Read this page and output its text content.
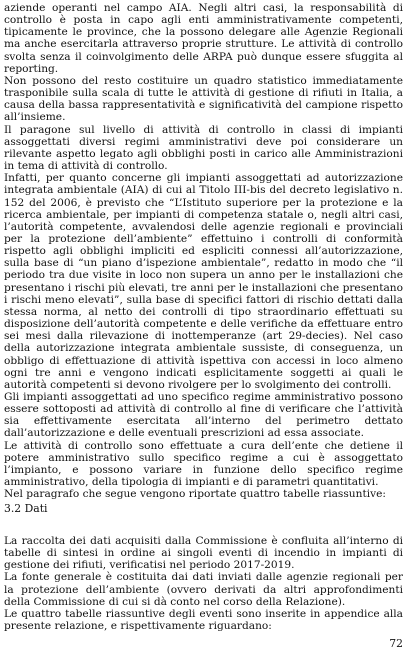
aziende operanti nel campo AIA. Negli altri casi, la responsabilità di controllo è posta in capo agli enti amministrativamente competenti, tipicamente le province, che la possono delegare alle Agenzie Regionali ma anche esercitarla attraverso proprie strutture. Le attività di controllo svolta senza il coinvolgimento delle ARPA può dunque essere sfuggita al reporting.

Non possono del resto costituire un quadro statistico immediatamente trasponibile sulla scala di tutte le attività di gestione di rifiuti in Italia, a causa della bassa rappresentatività e significatività del campione rispetto all’insieme.

Il paragone sul livello di attività di controllo in classi di impianti assoggettati diversi regimi amministrativi deve poi considerare un rilevante aspetto legato agli obblighi posti in carico alle Amministrazioni in tema di attività di controllo.

Infatti, per quanto concerne gli impianti assoggettati ad autorizzazione integrata ambientale (AIA) di cui al Titolo III-bis del decreto legislativo n. 152 del 2006, è previsto che “L’Istituto superiore per la protezione e la ricerca ambientale, per impianti di competenza statale o, negli altri casi, l’autorità competente, avvalendosi delle agenzie regionali e provinciali per la protezione dell’ambiente” effettuino i controlli di conformità rispetto agli obblighi impliciti ed espliciti connessi all’autorizzazione, sulla base di “un piano d’ispezione ambientale”, redatto in modo che “il periodo tra due visite in loco non supera un anno per le installazioni che presentano i rischi più elevati, tre anni per le installazioni che presentano i rischi meno elevati”, sulla base di specifici fattori di rischio dettati dalla stessa norma, al netto dei controlli di tipo straordinario effettuati su disposizione dell’autorità competente e delle verifiche da effettuare entro sei mesi dalla rilevazione di inottemperanze (art 29-decies). Nel caso della autorizzazione integrata ambientale sussiste, di conseguenza, un obbligo di effettuazione di attività ispettiva con accessi in loco almeno ogni tre anni e vengono indicati esplicitamente soggetti ai quali le autorità competenti si devono rivolgere per lo svolgimento dei controlli.

Gli impianti assoggettati ad uno specifico regime amministrativo possono essere sottoposti ad attività di controllo al fine di verificare che l’attività sia effettivamente esercitata all’interno del perimetro dettato dall’autorizzazione e delle eventuali prescrizioni ad essa associate.

Le attività di controllo sono effettuate a cura dell’ente che detiene il potere amministrativo sullo specifico regime a cui è assoggettato l’impianto, e possono variare in funzione dello specifico regime amministrativo, della tipologia di impianti e di parametri quantitativi.

Nel paragrafo che segue vengono riportate quattro tabelle riassuntive:

3.2 Dati

La raccolta dei dati acquisiti dalla Commissione è confluita all’interno di tabelle di sintesi in ordine ai singoli eventi di incendio in impianti di gestione dei rifiuti, verificatisi nel periodo 2017-2019.

La fonte generale è costituita dai dati inviati dalle agenzie regionali per la protezione dell’ambiente (ovvero derivati da altri approfondimenti della Commissione di cui si dà conto nel corso della Relazione).

Le quattro tabelle riassuntive degli eventi sono inserite in appendice alla presente relazione, e rispettivamente riguardano:

72
